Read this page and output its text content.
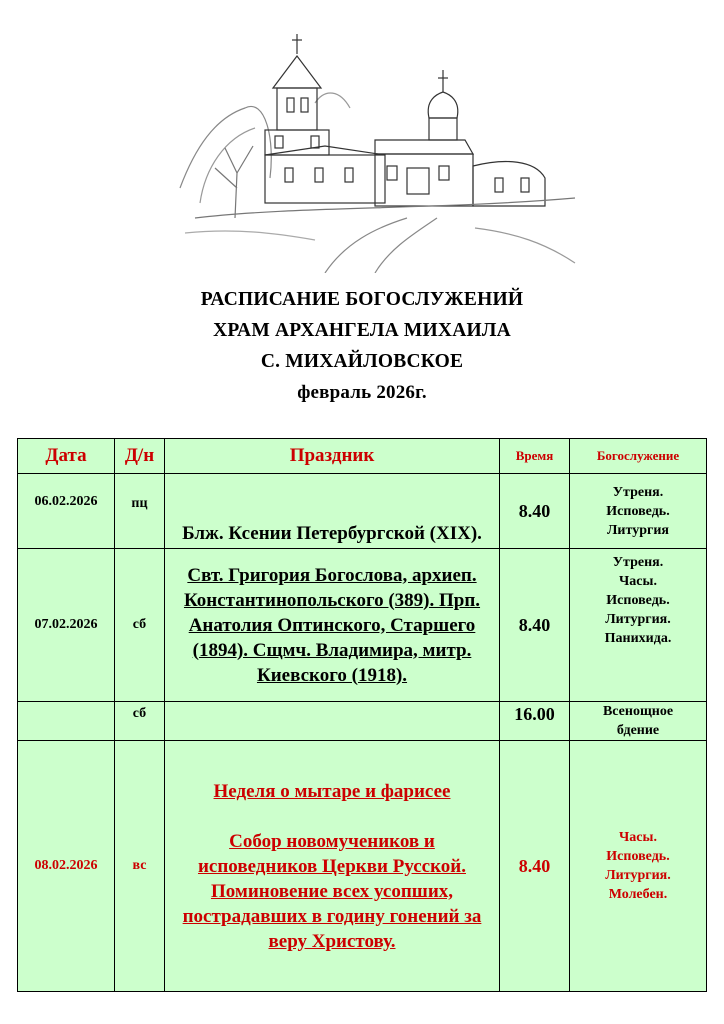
РАСПИСАНИЕ БОГОСЛУЖЕНИЙ
ХРАМ АРХАНГЕЛА МИХАИЛА
С. МИХАЙЛОВСКОЕ
февраль 2026г.
Дата	Д/н	Праздник	Время	Богослужение
06.02.2026	пц	Блж. Ксении Петербургской (XIX).	8.40	Утреня.
Исповедь.
Литургия

07.02.2026	сб	Свт. Григория Богослова, архиеп. Константинопольского (389). Прп. Анатолия Оптинского, Старшего (1894). Сщмч. Владимира, митр. Киевского (1918).	8.40	Утреня.
Часы.
Исповедь.
Литургия.
Панихида.

	сб		16.00	Всенощное
бдение

08.02.2026	вс	Неделя о мытаре и фарисее
Собор новомучеников и исповедников Церкви Русской. Поминовение всех усопших, пострадавших в годину гонений за веру Христову.	8.40	Часы.
Исповедь.
Литургия.
Молебен.
